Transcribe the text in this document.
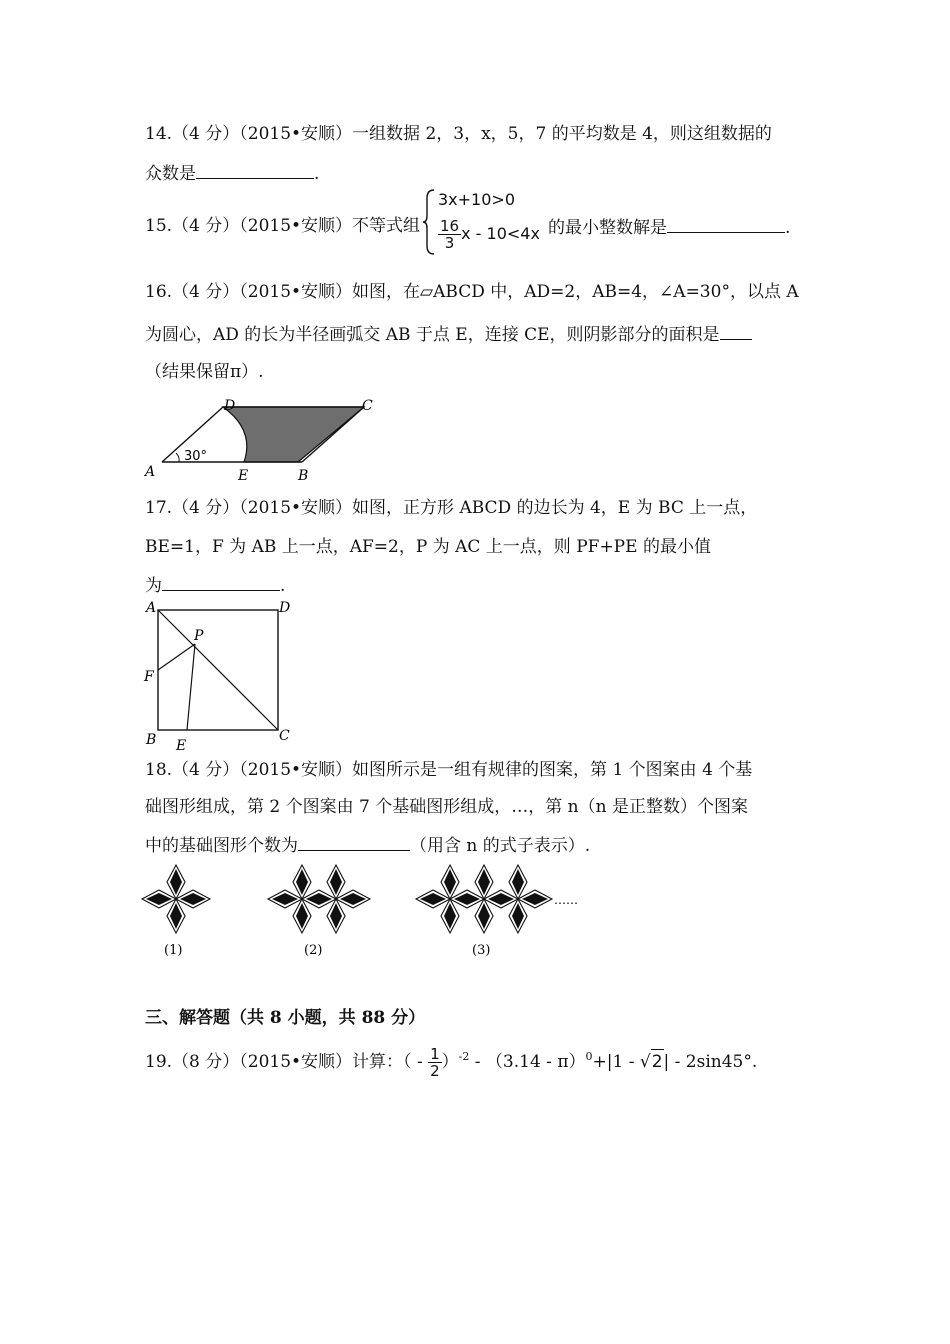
14.（4 分）（2015•安顺）一组数据 2，3，x，5，7 的平均数是 4，则这组数据的
众数是	.
15.（4 分）（2015•安顺）不等式组
3x+10>0
$\frac{16}{3}$ x - 10<4x 的最小整数解是	.
16.（4 分）（2015•安顺）如图，在▱ABCD 中，AD=2，AB=4，∠A=30°，以点 A
为圆心，AD 的长为半径画弧交 AB 于点 E，连接 CE，则阴影部分的面积是
（结果保留π）.
30°
A	B
C
D
E
17.（4 分）（2015•安顺）如图，正方形 ABCD 的边长为 4，E 为 BC 上一点，
BE=1，F 为 AB 上一点，AF=2，P 为 AC 上一点，则 PF+PE 的最小值
为	.
A	D
F
P
B E
C
18.（4 分）（2015•安顺）如图所示是一组有规律的图案，第 1 个图案由 4 个基
础图形组成，第 2 个图案由 7 个基础图形组成，…，第 n（n 是正整数）个图案
中的基础图形个数为	（用含 n 的式子表示）.
……
(1)	(2)	(3)
三、解答题（共 8 小题，共 88 分）
19.（8 分）（2015•安顺）计算：（ - $\frac{1}{2} )^{-2} - (3.14 - \pi)^0+|1 - √2| - 2\sin 45^\circ$.
